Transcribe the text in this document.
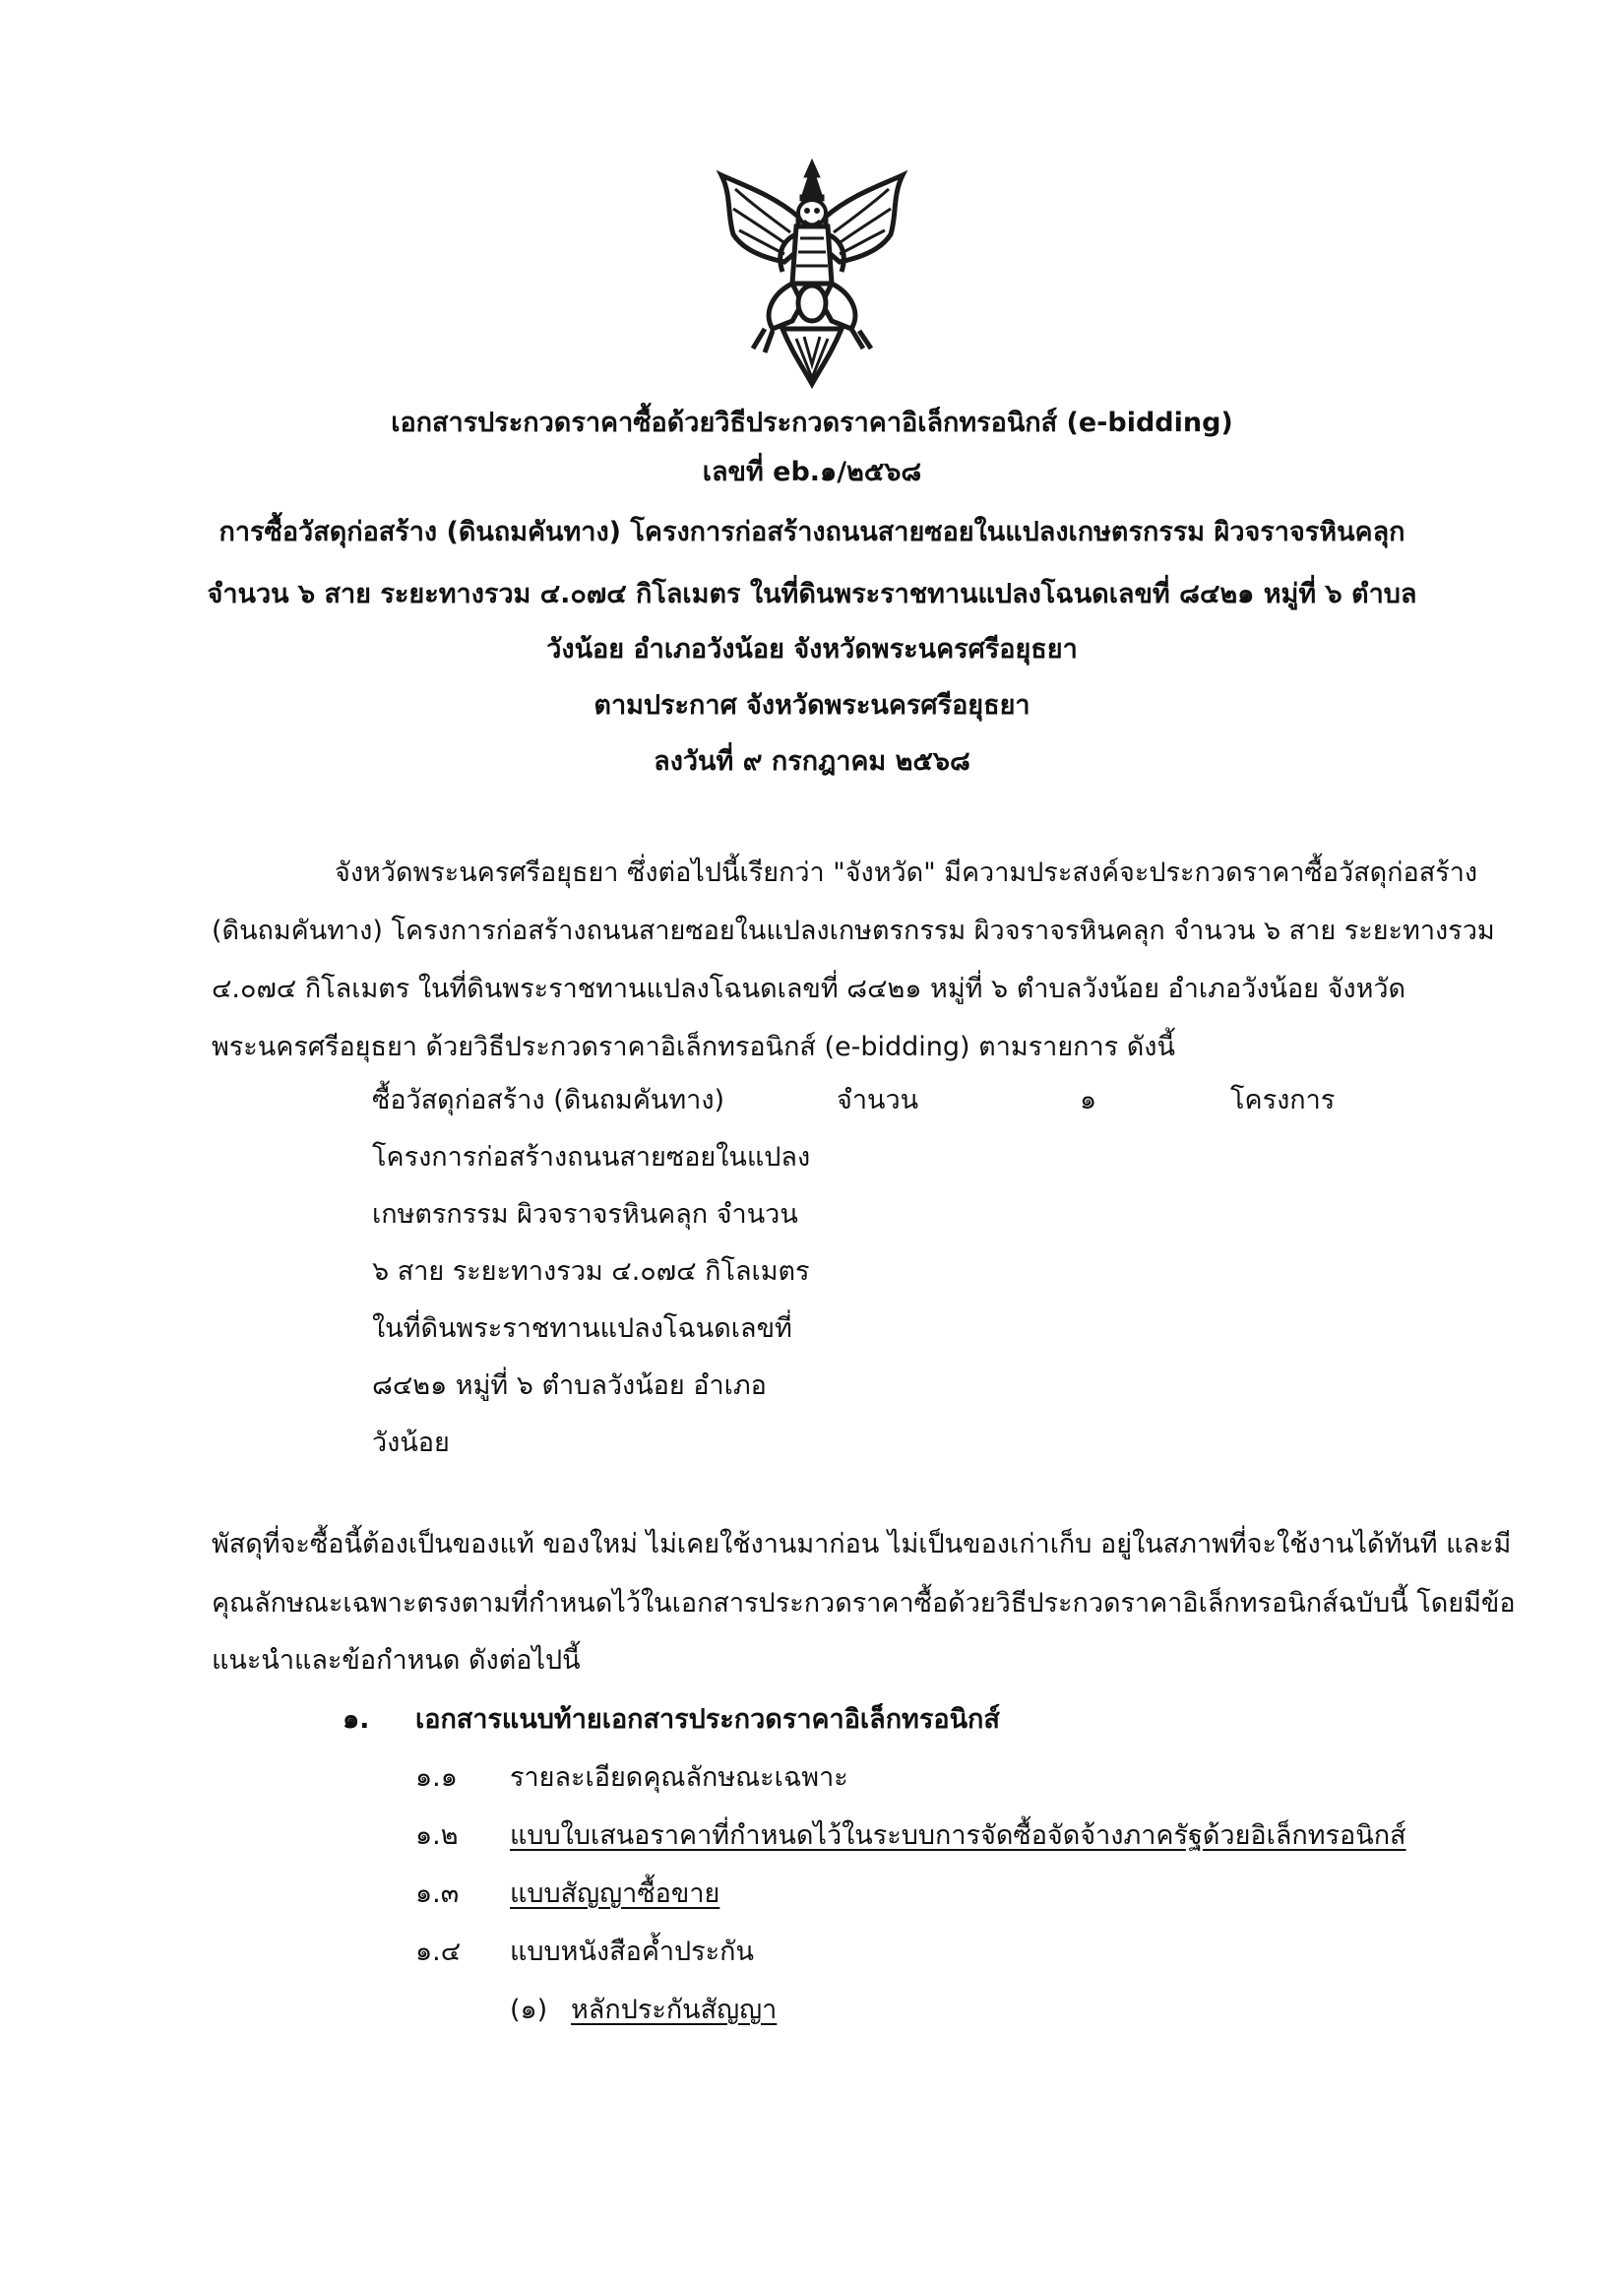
เอกสารประกวดราคาซื้อด้วยวิธีประกวดราคาอิเล็กทรอนิกส์ (e-bidding)
เลขที่ eb.๑/๒๕๖๘
การซื้อวัสดุก่อสร้าง (ดินถมคันทาง) โครงการก่อสร้างถนนสายซอยในแปลงเกษตรกรรม ผิวจราจรหินคลุก
จำนวน ๖ สาย ระยะทางรวม ๔.๐๗๔ กิโลเมตร ในที่ดินพระราชทานแปลงโฉนดเลขที่ ๘๔๒๑ หมู่ที่ ๖ ตำบล
วังน้อย อำเภอวังน้อย จังหวัดพระนครศรีอยุธยา
ตามประกาศ จังหวัดพระนครศรีอยุธยา
ลงวันที่ ๙ กรกฎาคม ๒๕๖๘
จังหวัดพระนครศรีอยุธยา ซึ่งต่อไปนี้เรียกว่า "จังหวัด" มีความประสงค์จะประกวดราคาซื้อวัสดุก่อสร้าง
(ดินถมคันทาง) โครงการก่อสร้างถนนสายซอยในแปลงเกษตรกรรม ผิวจราจรหินคลุก จำนวน ๖ สาย ระยะทางรวม
๔.๐๗๔ กิโลเมตร ในที่ดินพระราชทานแปลงโฉนดเลขที่ ๘๔๒๑ หมู่ที่ ๖ ตำบลวังน้อย อำเภอวังน้อย จังหวัด
พระนครศรีอยุธยา ด้วยวิธีประกวดราคาอิเล็กทรอนิกส์ (e-bidding) ตามรายการ ดังนี้
ซื้อวัสดุก่อสร้าง (ดินถมคันทาง)
โครงการก่อสร้างถนนสายซอยในแปลง
เกษตรกรรม ผิวจราจรหินคลุก จำนวน
๖ สาย ระยะทางรวม ๔.๐๗๔ กิโลเมตร
ในที่ดินพระราชทานแปลงโฉนดเลขที่
๘๔๒๑ หมู่ที่ ๖ ตำบลวังน้อย อำเภอ
วังน้อย
จำนวน	๑	โครงการ
พัสดุที่จะซื้อนี้ต้องเป็นของแท้ ของใหม่ ไม่เคยใช้งานมาก่อน ไม่เป็นของเก่าเก็บ อยู่ในสภาพที่จะใช้งานได้ทันที และมี
คุณลักษณะเฉพาะตรงตามที่กำหนดไว้ในเอกสารประกวดราคาซื้อด้วยวิธีประกวดราคาอิเล็กทรอนิกส์ฉบับนี้ โดยมีข้อ
แนะนำและข้อกำหนด ดังต่อไปนี้
๑. เอกสารแนบท้ายเอกสารประกวดราคาอิเล็กทรอนิกส์
๑.๑ รายละเอียดคุณลักษณะเฉพาะ
๑.๒ แบบใบเสนอราคาที่กำหนดไว้ในระบบการจัดซื้อจัดจ้างภาครัฐด้วยอิเล็กทรอนิกส์
๑.๓ แบบสัญญาซื้อขาย
๑.๔ แบบหนังสือค้ำประกัน
(๑) หลักประกันสัญญา
